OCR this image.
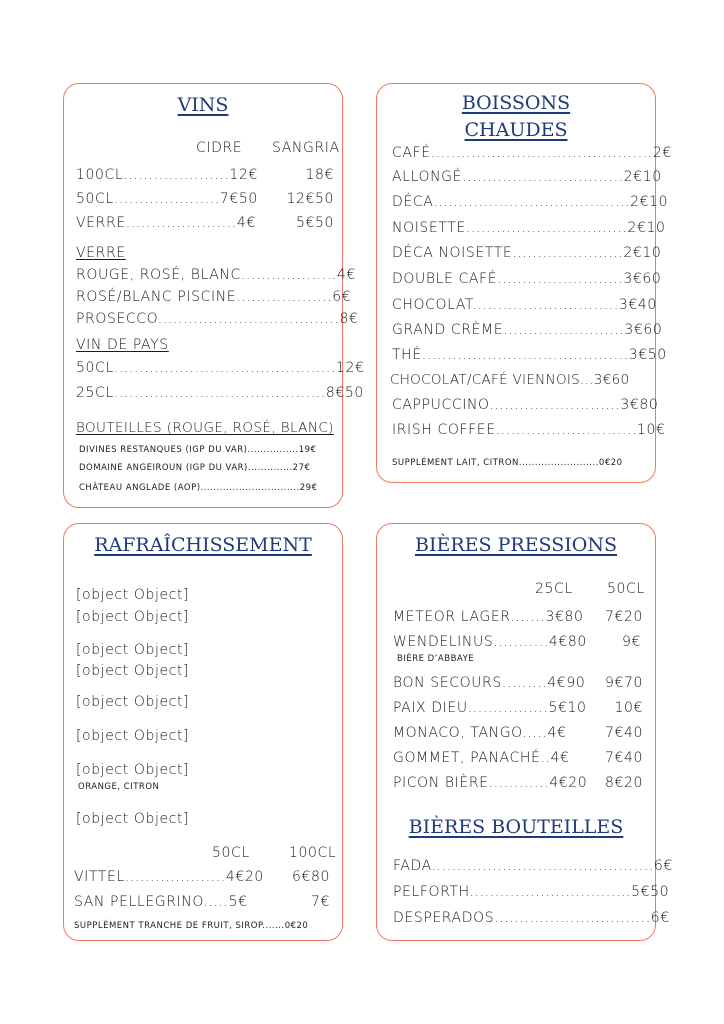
VINS
CIDRE SANGRIA
100CL.....................12€	18€
50CL.....................7€50 12€50
VERRE......................4€	5€50
VERRE
ROUGE, ROSÉ, BLANC...................4€
ROSÉ/BLANC PISCINE...................6€
PROSECCO....................................8€
VIN DE PAYS
50CL............................................12€
25CL..........................................8€50
BOUTEILLES (ROUGE, ROSÉ, BLANC)
DIVINES RESTANQUES (IGP DU VAR)................19€
DOMAINE ANGEIROUN (IGP DU VAR)..............27€
CHÂTEAU ANGLADE (AOP)...............................29€
BOISSONS
CHAUDES
CAFÉ............................................2€
ALLONGÉ................................2€10
DÉCA.......................................2€10
NOISETTE................................2€10
DÉCA NOISETTE......................2€10
DOUBLE CAFÉ.........................3€60
CHOCOLAT.............................3€40
GRAND CRÈME........................3€60
THÉ.........................................3€50
CHOCOLAT/CAFÉ VIENNOIS...3€60
CAPPUCCINO..........................3€80
IRISH COFFEE............................10€
SUPPLÉMENT LAIT, CITRON.........................0€20
RAFRAÎCHISSEMENT
[object Object]
[object Object]
[object Object]
[object Object]
[object Object]
[object Object]
[object Object]
ORANGE, CITRON
[object Object]
50CL	100CL
VITTEL....................4€20 6€80
SAN PELLEGRINO.....5€	7€
SUPPLÉMENT TRANCHE DE FRUIT, SIROP.......0€20
BIÈRES PRESSIONS
25CL 50CL
METEOR LAGER.......3€80 7€20
WENDELINUS...........4€80	9€
BIÈRE D’ABBAYE
BON SECOURS.........4€90 9€70
PAIX DIEU................5€10 10€
MONACO, TANGO.....4€	7€40
GOMMET, PANACHÉ..4€	7€40
PICON BIÈRE............4€20 8€20
BIÈRES BOUTEILLES
FADA............................................6€
PELFORTH................................5€50
DESPERADOS...............................6€
